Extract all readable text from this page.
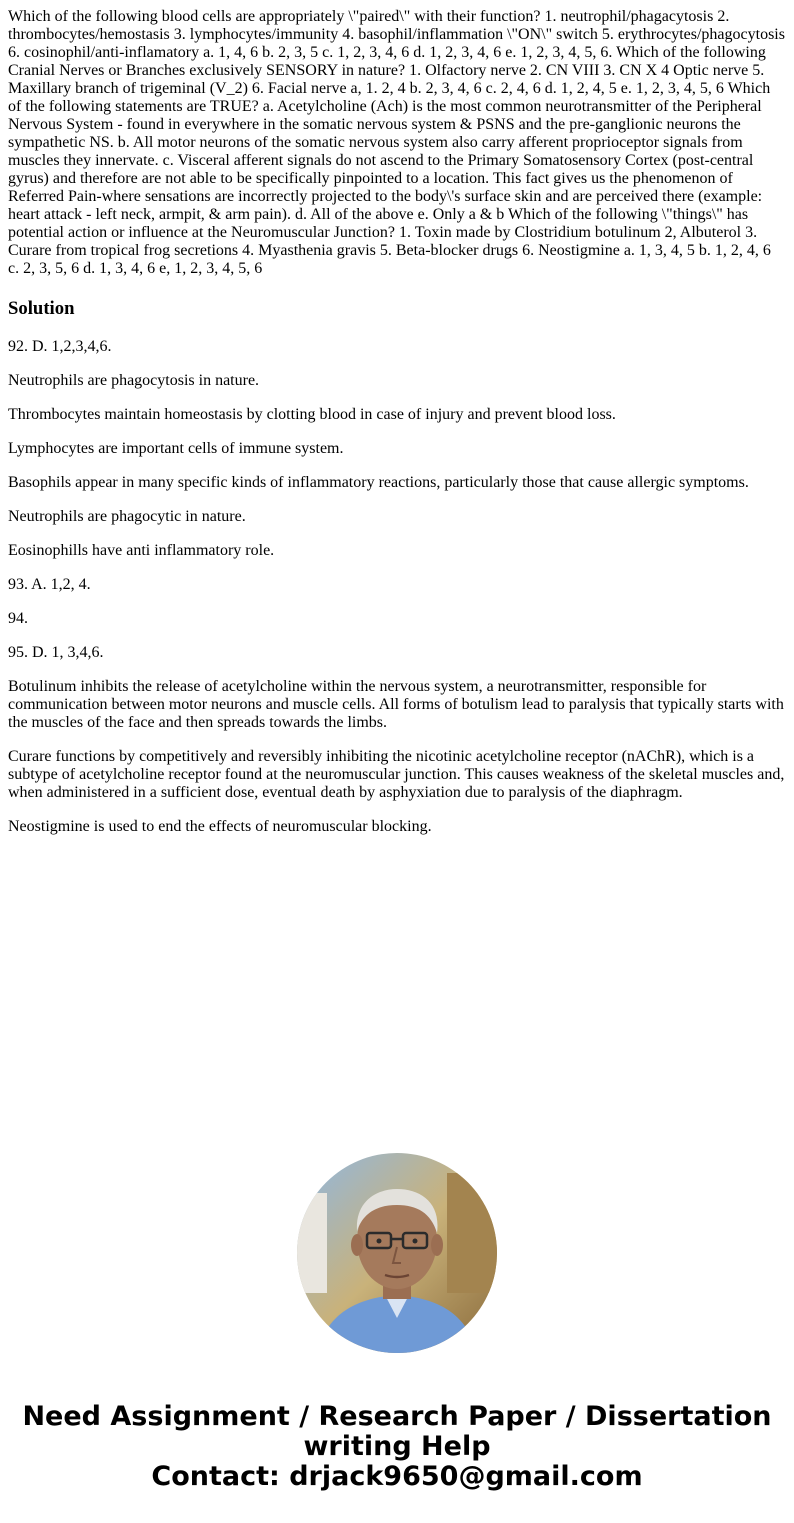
Which of the following blood cells are appropriately \"paired\" with their function? 1. neutrophil/phagacytosis 2. thrombocytes/hemostasis 3. lymphocytes/immunity 4. basophil/inflammation \"ON\" switch 5. erythrocytes/phagocytosis 6. cosinophil/anti-inflamatory a. 1, 4, 6 b. 2, 3, 5 c. 1, 2, 3, 4, 6 d. 1, 2, 3, 4, 6 e. 1, 2, 3, 4, 5, 6. Which of the following Cranial Nerves or Branches exclusively SENSORY in nature? 1. Olfactory nerve 2. CN VIII 3. CN X 4 Optic nerve 5. Maxillary branch of trigeminal (V_2) 6. Facial nerve a, 1. 2, 4 b. 2, 3, 4, 6 c. 2, 4, 6 d. 1, 2, 4, 5 e. 1, 2, 3, 4, 5, 6 Which of the following statements are TRUE? a. Acetylcholine (Ach) is the most common neurotransmitter of the Peripheral Nervous System - found in everywhere in the somatic nervous system & PSNS and the pre-ganglionic neurons the sympathetic NS. b. All motor neurons of the somatic nervous system also carry afferent proprioceptor signals from muscles they innervate. c. Visceral afferent signals do not ascend to the Primary Somatosensory Cortex (post-central gyrus) and therefore are not able to be specifically pinpointed to a location. This fact gives us the phenomenon of Referred Pain-where sensations are incorrectly projected to the body\'s surface skin and are perceived there (example: heart attack - left neck, armpit, & arm pain). d. All of the above e. Only a & b Which of the following \"things\" has potential action or influence at the Neuromuscular Junction? 1. Toxin made by Clostridium botulinum 2, Albuterol 3. Curare from tropical frog secretions 4. Myasthenia gravis 5. Beta-blocker drugs 6. Neostigmine a. 1, 3, 4, 5 b. 1, 2, 4, 6 c. 2, 3, 5, 6 d. 1, 3, 4, 6 e, 1, 2, 3, 4, 5, 6

Solution

92. D. 1,2,3,4,6.

Neutrophils are phagocytosis in nature.

Thrombocytes maintain homeostasis by clotting blood in case of injury and prevent blood loss.

Lymphocytes are important cells of immune system.

Basophils appear in many specific kinds of inflammatory reactions, particularly those that cause allergic symptoms.

Neutrophils are phagocytic in nature.

Eosinophills have anti inflammatory role.

93. A. 1,2, 4.

94.

95. D. 1, 3,4,6.

Botulinum inhibits the release of acetylcholine within the nervous system, a neurotransmitter, responsible for communication between motor neurons and muscle cells. All forms of botulism lead to paralysis that typically starts with the muscles of the face and then spreads towards the limbs.

Curare functions by competitively and reversibly inhibiting the nicotinic acetylcholine receptor (nAChR), which is a subtype of acetylcholine receptor found at the neuromuscular junction. This causes weakness of the skeletal muscles and, when administered in a sufficient dose, eventual death by asphyxiation due to paralysis of the diaphragm.

Neostigmine is used to end the effects of neuromuscular blocking.

Need Assignment / Research Paper / Dissertation
writing Help
Contact: drjack9650@gmail.com
